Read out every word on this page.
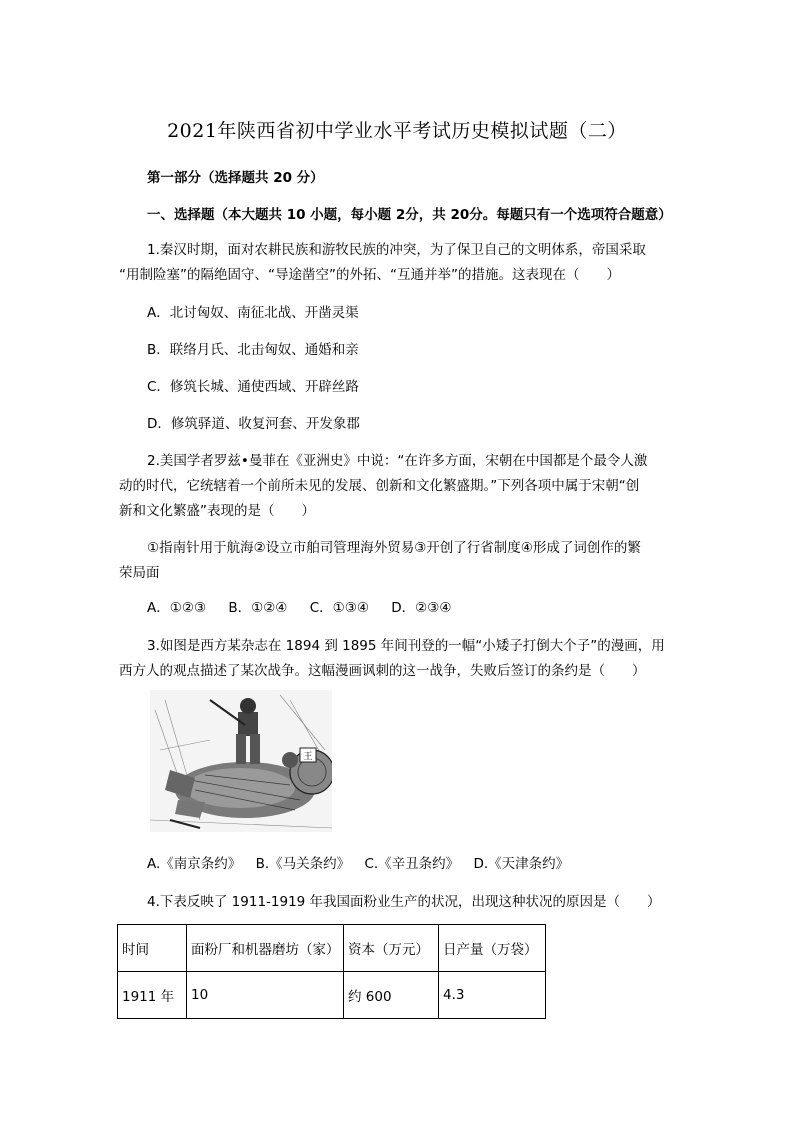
2021年陕西省初中学业水平考试历史模拟试题（二）
第一部分（选择题共 20 分）
一、选择题（本大题共 10 小题，每小题 2分，共 20分。每题只有一个选项符合题意）
1.秦汉时期，面对农耕民族和游牧民族的冲突，为了保卫自己的文明体系，帝国采取
“用制险塞”的隔绝固守、“导途凿空”的外拓、“互通并举”的措施。这表现在（　　）
A．北讨匈奴、南征北战、开凿灵渠
B．联络月氏、北击匈奴、通婚和亲
C．修筑长城、通使西域、开辟丝路
D．修筑驿道、收复河套、开发象郡
2.美国学者罗兹•曼菲在《亚洲史》中说：“在许多方面，宋朝在中国都是个最令人激
动的时代，它统辖着一个前所未见的发展、创新和文化繁盛期。”下列各项中属于宋朝“创
新和文化繁盛”表现的是（　　）
①指南针用于航海②设立市舶司管理海外贸易③开创了行省制度④形成了词创作的繁
荣局面
A．①②③ B．①②④ C．①③④ D．②③④
3.如图是西方某杂志在 1894 到 1895 年间刊登的一幅“小矮子打倒大个子”的漫画，用
西方人的观点描述了某次战争。这幅漫画讽刺的这一战争，失败后签订的条约是（　　）
王
A.《南京条约》 B.《马关条约》 C.《辛丑条约》 D.《天津条约》
4.下表反映了 1911-1919 年我国面粉业生产的状况，出现这种状况的原因是（　　）
时间	面粉厂和机器磨坊（家）	资本（万元）	日产量（万袋）
1911 年	10	约 600	4.3
